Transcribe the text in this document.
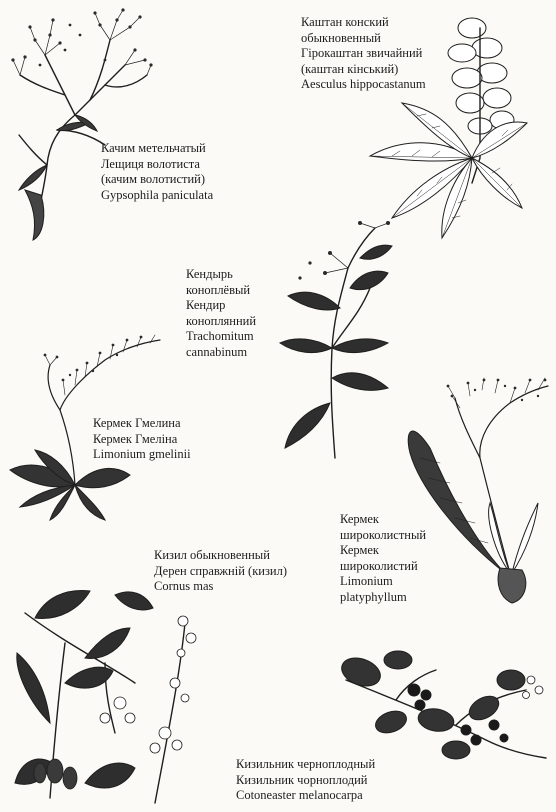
Качим метельчатый
Лещиця волотиста
(качим волотистий)
Gypsophila paniculata
Каштан конский
обыкновенный
Гірокаштан звичайний
(каштан кінський)
Aesculus hippocastanum
Кендырь
коноплёвый
Кендир
коноплянний
Trachomitum
cannabinum
Кермек Гмелина
Кермек Гмеліна
Limonium gmelinii
Кермек
широколистный
Кермек
широколистий
Limonium
platyphyllum
Кизил обыкновенный
Дерен справжній (кизил)
Cornus mas
Кизильник черноплодный
Кизильник чорноплодий
Cotoneaster melanocarpa
